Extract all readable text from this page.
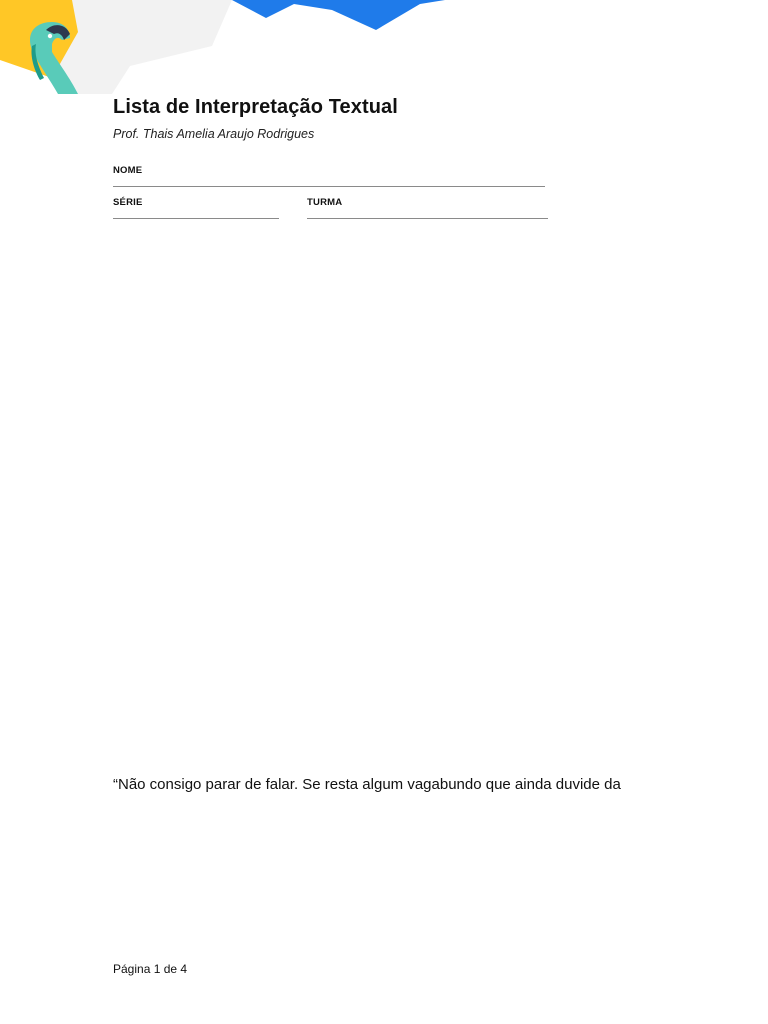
Lista de Interpretação Textual
Prof. Thais Amelia Araujo Rodrigues
NOME
SÉRIE	TURMA
“Não consigo parar de falar. Se resta algum vagabundo que ainda duvide da
Página 1 de 4
